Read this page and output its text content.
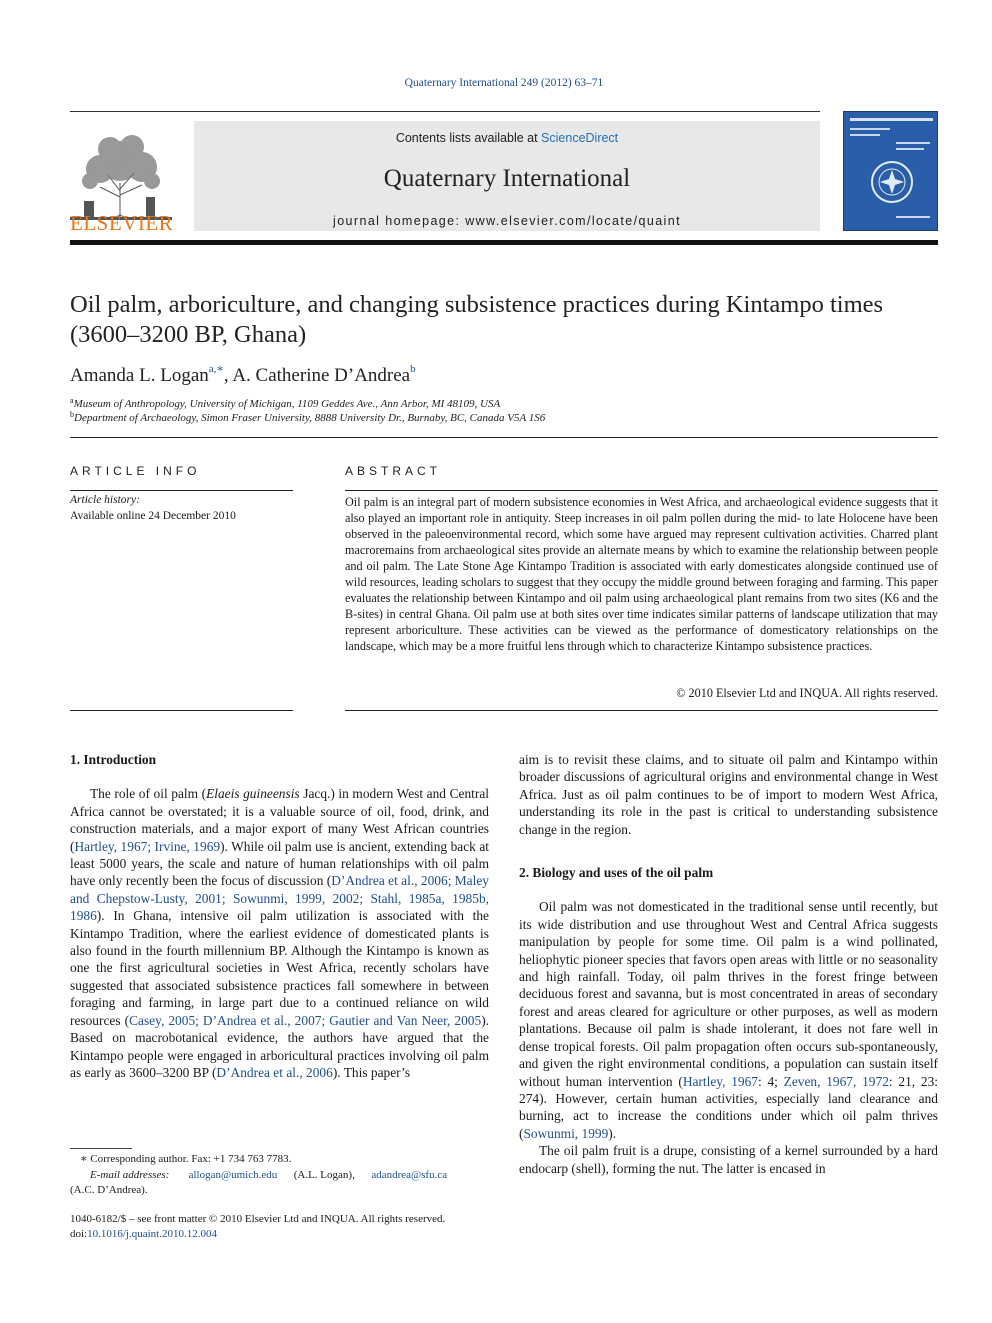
Quaternary International 249 (2012) 63–71
ELSEVIER
Contents lists available at ScienceDirect
Quaternary International
journal homepage: www.elsevier.com/locate/quaint
Oil palm, arboriculture, and changing subsistence practices during Kintampo times (3600–3200 BP, Ghana)
Amanda L. Logan$^{a,∗}$, A. Catherine D’Andrea$^b$
$^a$Museum of Anthropology, University of Michigan, 1109 Geddes Ave., Ann Arbor, MI 48109, USA
$^b$Department of Archaeology, Simon Fraser University, 8888 University Dr., Burnaby, BC, Canada V5A 1S6
ARTICLE INFO	ABSTRACT
Article history:
Available online 24 December 2010
Oil palm is an integral part of modern subsistence economies in West Africa, and archaeological evidence suggests that it also played an important role in antiquity. Steep increases in oil palm pollen during the mid- to late Holocene have been observed in the paleoenvironmental record, which some have argued may represent cultivation activities. Charred plant macroremains from archaeological sites provide an alternate means by which to examine the relationship between people and oil palm. The Late Stone Age Kintampo Tradition is associated with early domesticates alongside continued use of wild resources, leading scholars to suggest that they occupy the middle ground between foraging and farming. This paper evaluates the relationship between Kintampo and oil palm using archaeological plant remains from two sites (K6 and the B-sites) in central Ghana. Oil palm use at both sites over time indicates similar patterns of landscape utilization that may represent arboriculture. These activities can be viewed as the performance of domesticatory relationships on the landscape, which may be a more fruitful lens through which to characterize Kintampo subsistence practices.
© 2010 Elsevier Ltd and INQUA. All rights reserved.
1. Introduction

The role of oil palm (Elaeis guineensis Jacq.) in modern West and Central Africa cannot be overstated; it is a valuable source of oil, food, drink, and construction materials, and a major export of many West African countries (Hartley, 1967; Irvine, 1969). While oil palm use is ancient, extending back at least 5000 years, the scale and nature of human relationships with oil palm have only recently been the focus of discussion (D’Andrea et al., 2006; Maley and Chepstow-Lusty, 2001; Sowunmi, 1999, 2002; Stahl, 1985a, 1985b, 1986). In Ghana, intensive oil palm utilization is associated with the Kintampo Tradition, where the earliest evidence of domesticated plants is also found in the fourth millennium BP. Although the Kintampo is known as one the first agricultural societies in West Africa, recently scholars have suggested that associated subsistence practices fall somewhere in between foraging and farming, in large part due to a continued reliance on wild resources (Casey, 2005; D’Andrea et al., 2007; Gautier and Van Neer, 2005). Based on macrobotanical evidence, the authors have argued that the Kintampo people were engaged in arboricultural practices involving oil palm as early as 3600–3200 BP (D’Andrea et al., 2006). This paper’s

aim is to revisit these claims, and to situate oil palm and Kintampo within broader discussions of agricultural origins and environmental change in West Africa. Just as oil palm continues to be of import to modern West Africa, understanding its role in the past is critical to understanding subsistence change in the region.

2. Biology and uses of the oil palm

Oil palm was not domesticated in the traditional sense until recently, but its wide distribution and use throughout West and Central Africa suggests manipulation by people for some time. Oil palm is a wind pollinated, heliophytic pioneer species that favors open areas with little or no seasonality and high rainfall. Today, oil palm thrives in the forest fringe between deciduous forest and savanna, but is most concentrated in areas of secondary forest and areas cleared for agriculture or other purposes, as well as modern plantations. Because oil palm is shade intolerant, it does not fare well in dense tropical forests. Oil palm propagation often occurs sub-spontaneously, and given the right environmental conditions, a population can sustain itself without human intervention (Hartley, 1967: 4; Zeven, 1967, 1972: 21, 23: 274). However, certain human activities, especially land clearance and burning, act to increase the conditions under which oil palm thrives (Sowunmi, 1999).

The oil palm fruit is a drupe, consisting of a kernel surrounded by a hard endocarp (shell), forming the nut. The latter is encased in

∗ Corresponding author. Fax: +1 734 763 7783.
E-mail addresses: allogan@umich.edu (A.L. Logan), adandrea@sfu.ca
(A.C. D’Andrea).
1040-6182/$ – see front matter © 2010 Elsevier Ltd and INQUA. All rights reserved.
doi:10.1016/j.quaint.2010.12.004
